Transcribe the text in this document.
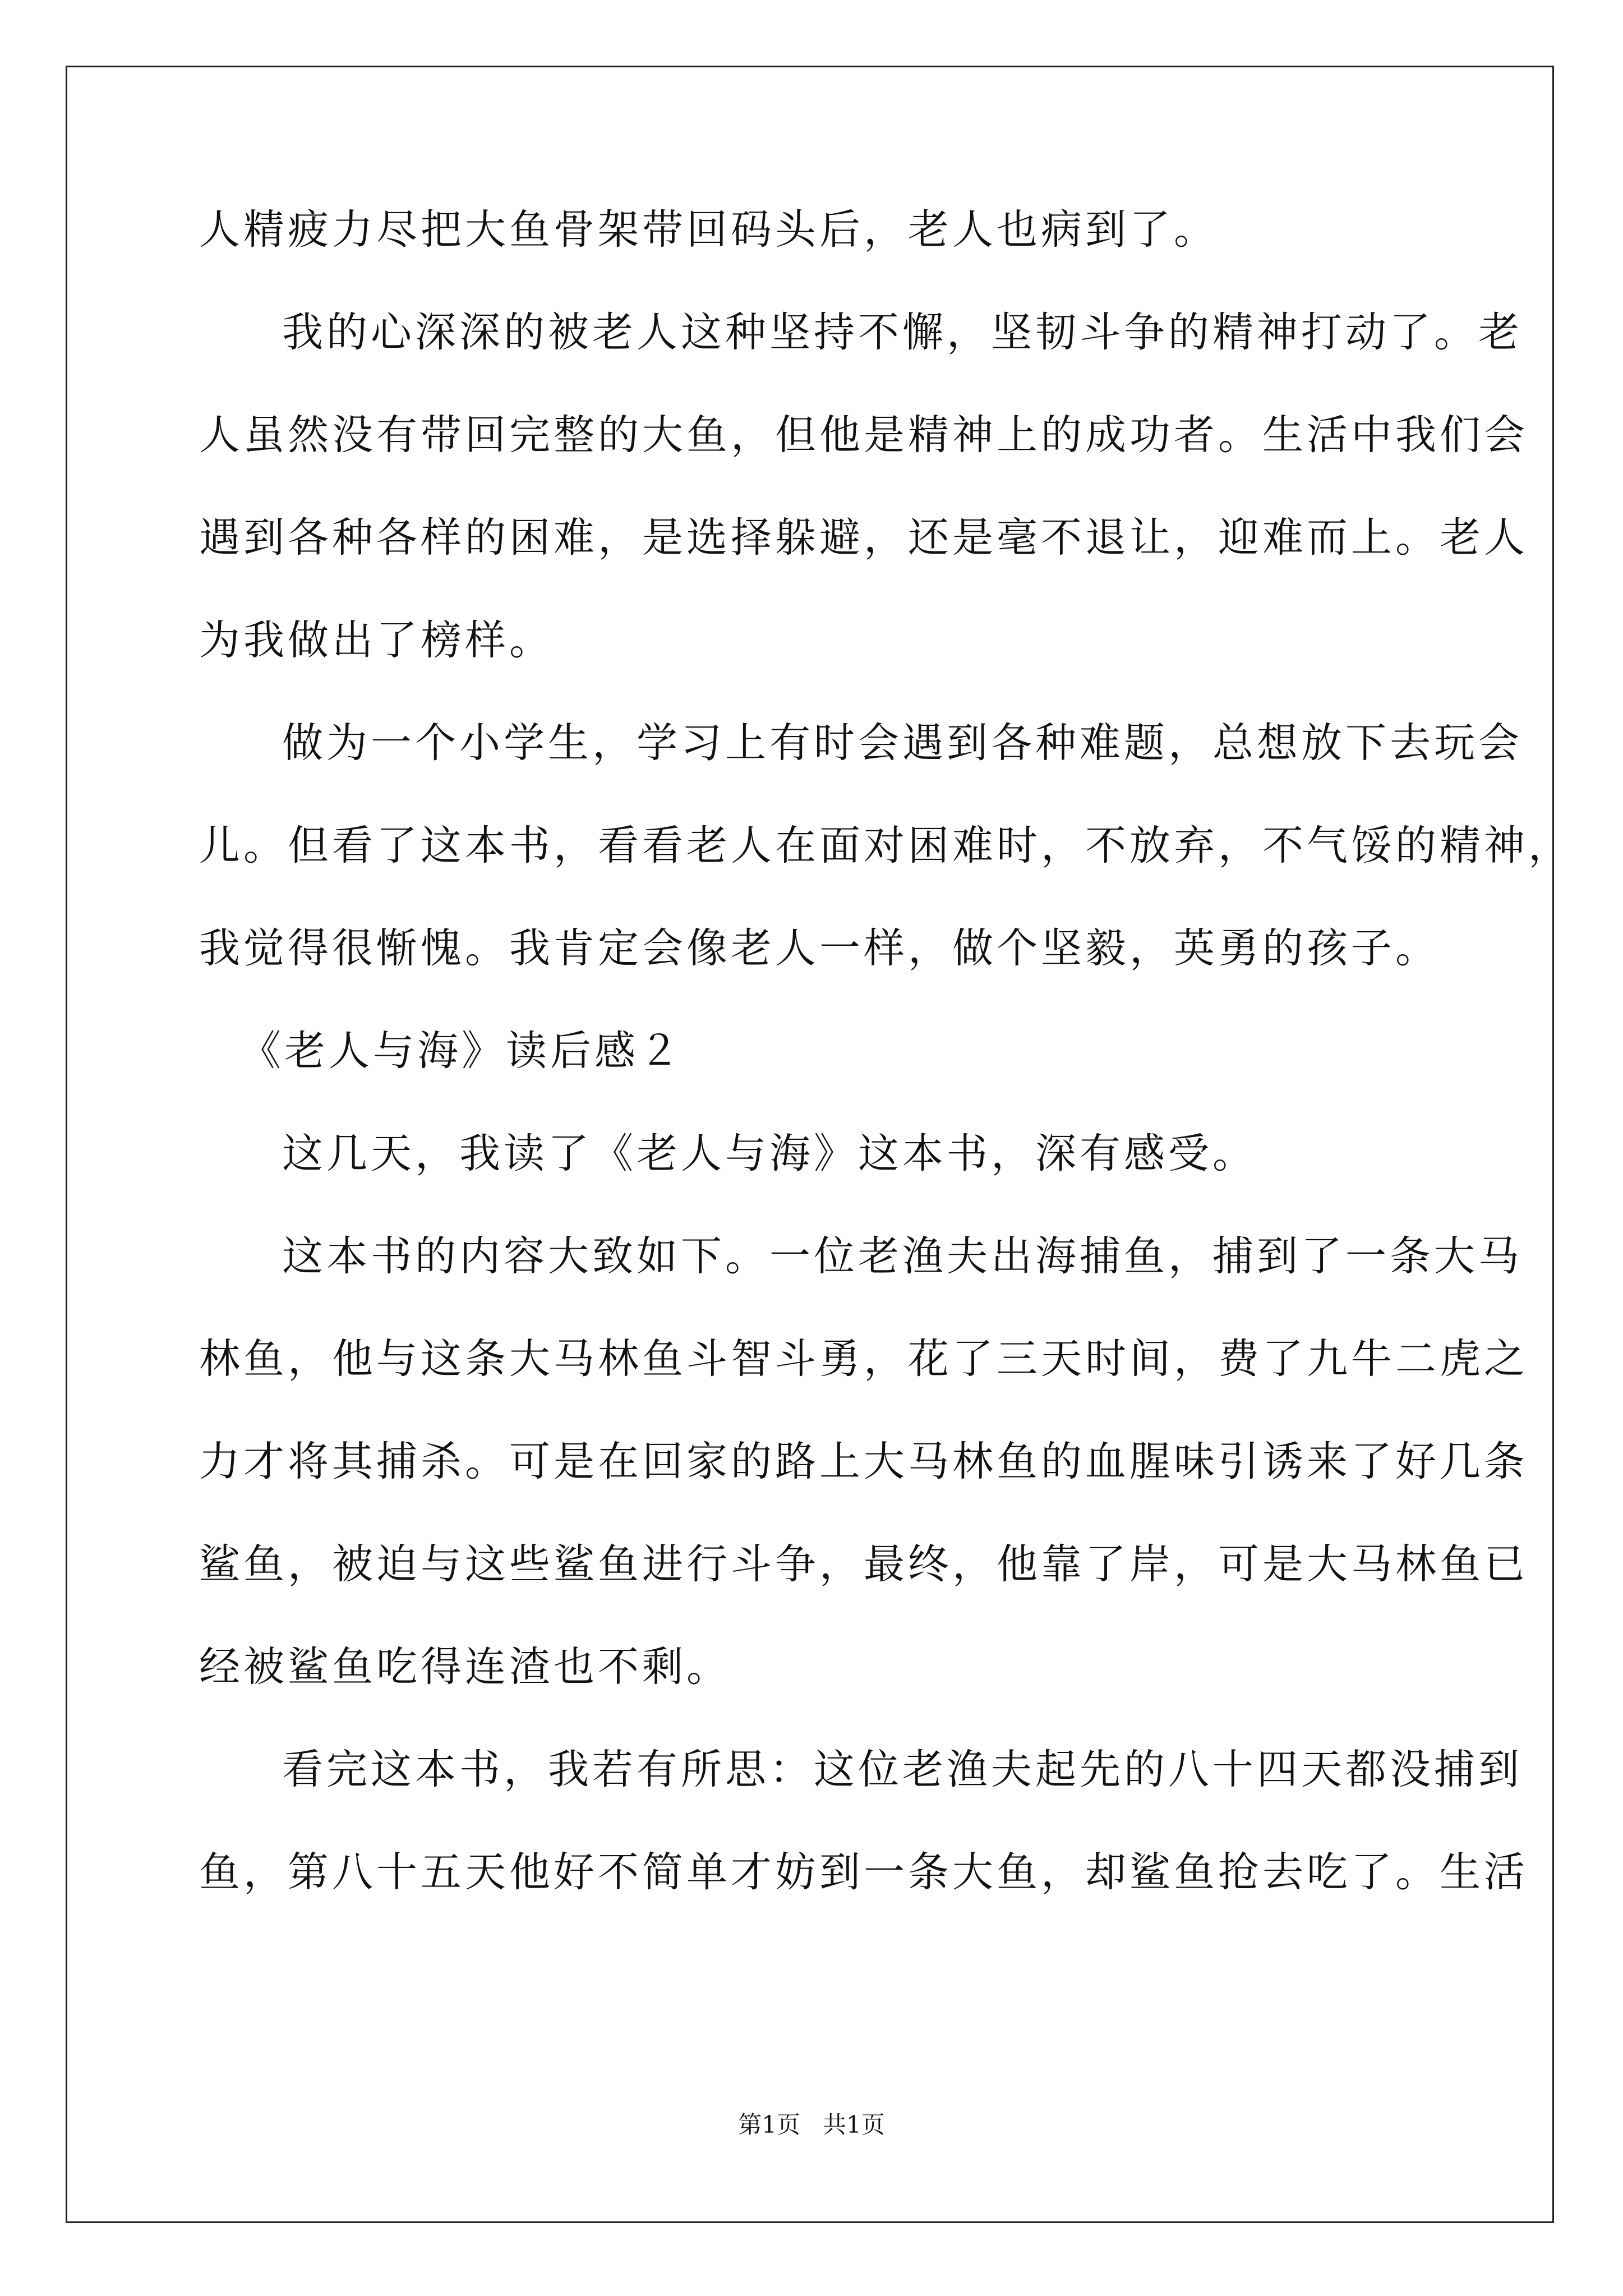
人精疲力尽把大鱼骨架带回码头后，老人也病到了。
我的心深深的被老人这种坚持不懈，坚韧斗争的精神打动了。老
人虽然没有带回完整的大鱼，但他是精神上的成功者。生活中我们会
遇到各种各样的困难，是选择躲避，还是毫不退让，迎难而上。老人
为我做出了榜样。
做为一个小学生，学习上有时会遇到各种难题，总想放下去玩会
儿。但看了这本书，看看老人在面对困难时，不放弃，不气馁的精神，
我觉得很惭愧。我肯定会像老人一样，做个坚毅，英勇的孩子。
《老人与海》读后感２
这几天，我读了《老人与海》这本书，深有感受。
这本书的内容大致如下。一位老渔夫出海捕鱼，捕到了一条大马
林鱼，他与这条大马林鱼斗智斗勇，花了三天时间，费了九牛二虎之
力才将其捕杀。可是在回家的路上大马林鱼的血腥味引诱来了好几条
鲨鱼，被迫与这些鲨鱼进行斗争，最终，他靠了岸，可是大马林鱼已
经被鲨鱼吃得连渣也不剩。
看完这本书，我若有所思：这位老渔夫起先的八十四天都没捕到
鱼，第八十五天他好不简单才妨到一条大鱼，却鲨鱼抢去吃了。生活
第1页   共1页
